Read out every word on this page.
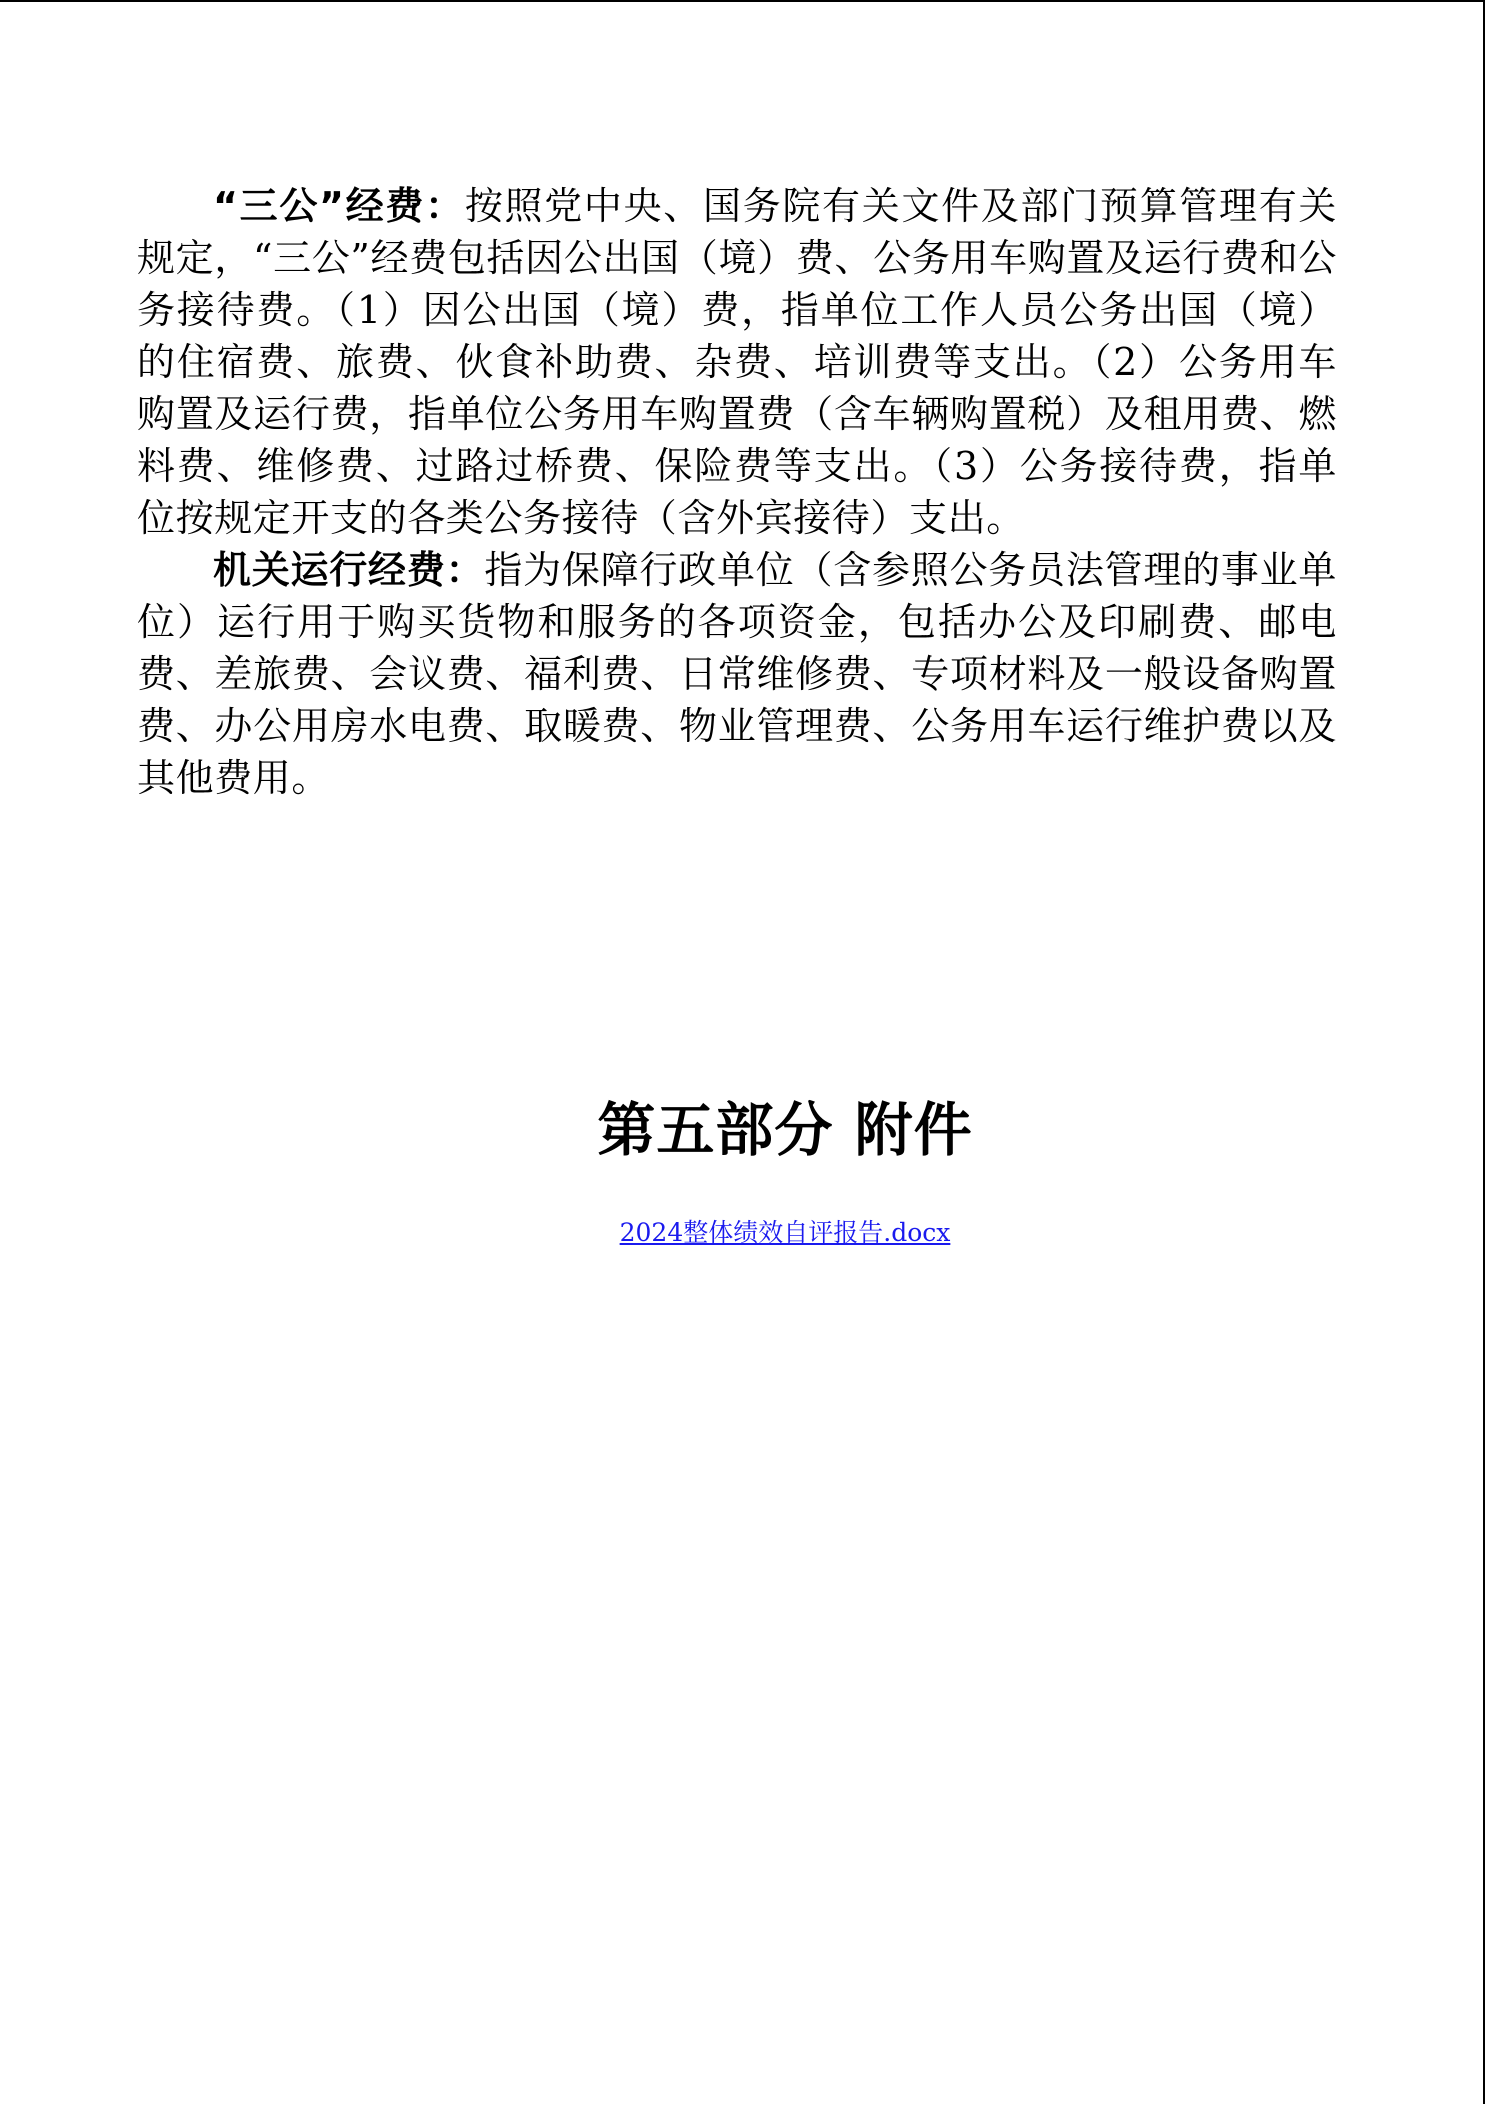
“三公”经费：按照党中央、国务院有关文件及部门预算管理有关规定，“三公”经费包括因公出国（境）费、公务用车购置及运行费和公务接待费。（1）因公出国（境）费，指单位工作人员公务出国（境）的住宿费、旅费、伙食补助费、杂费、培训费等支出。（2）公务用车购置及运行费，指单位公务用车购置费（含车辆购置税）及租用费、燃料费、维修费、过路过桥费、保险费等支出。（3）公务接待费，指单位按规定开支的各类公务接待（含外宾接待）支出。

机关运行经费：指为保障行政单位（含参照公务员法管理的事业单位）运行用于购买货物和服务的各项资金，包括办公及印刷费、邮电费、差旅费、会议费、福利费、日常维修费、专项材料及一般设备购置费、办公用房水电费、取暖费、物业管理费、公务用车运行维护费以及其他费用。

第五部分 附件
2024整体绩效自评报告.docx
